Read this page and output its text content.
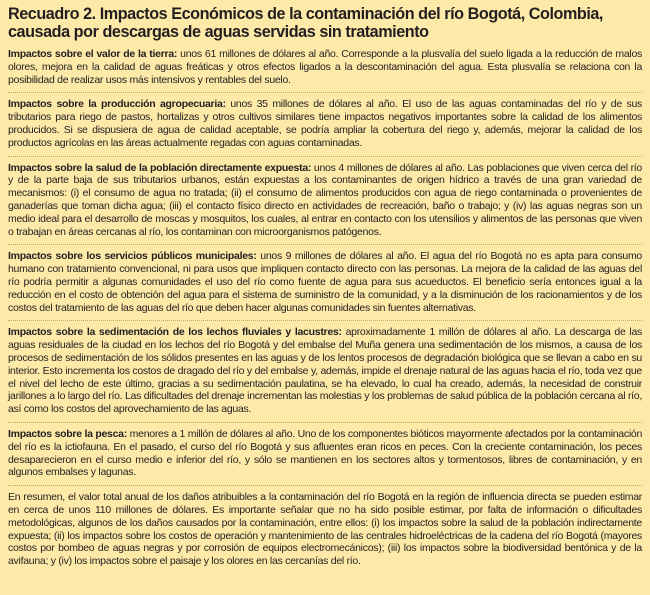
Recuadro 2. Impactos Económicos de la contaminación del río Bogotá, Colombia, causada por descargas de aguas servidas sin tratamiento

Impactos sobre el valor de la tierra: unos 61 millones de dólares al año. Corresponde a la plusvalía del suelo ligada a la reducción de malos olores, mejora en la calidad de aguas freáticas y otros efectos ligados a la descontaminación del agua. Esta plusvalía se relaciona con la posibilidad de realizar usos más intensivos y rentables del suelo.

Impactos sobre la producción agropecuaria: unos 35 millones de dólares al año. El uso de las aguas contaminadas del río y de sus tributarios para riego de pastos, hortalizas y otros cultivos similares tiene impactos negativos importantes sobre la calidad de los alimentos producidos. Si se dispusiera de agua de calidad aceptable, se podría ampliar la cobertura del riego y, además, mejorar la calidad de los productos agrícolas en las áreas actualmente regadas con aguas contaminadas.

Impactos sobre la salud de la población directamente expuesta: unos 4 millones de dólares al año. Las poblaciones que viven cerca del río y de la parte baja de sus tributarios urbanos, están expuestas a los contaminantes de origen hídrico a través de una gran variedad de mecanismos: (i) el consumo de agua no tratada; (ii) el consumo de alimentos producidos con agua de riego contaminada o provenientes de ganaderías que toman dicha agua; (iii) el contacto físico directo en actividades de recreación, baño o trabajo; y (iv) las aguas negras son un medio ideal para el desarrollo de moscas y mosquitos, los cuales, al entrar en contacto con los utensilios y alimentos de las personas que viven o trabajan en áreas cercanas al río, los contaminan con microorganismos patógenos.

Impactos sobre los servicios públicos municipales: unos 9 millones de dólares al año. El agua del río Bogotá no es apta para consumo humano con tratamiento convencional, ni para usos que impliquen contacto directo con las personas. La mejora de la calidad de las aguas del río podría permitir a algunas comunidades el uso del río como fuente de agua para sus acueductos. El beneficio sería entonces igual a la reducción en el costo de obtención del agua para el sistema de suministro de la comunidad, y a la disminución de los racionamientos y de los costos del tratamiento de las aguas del río que deben hacer algunas comunidades sin fuentes alternativas.

Impactos sobre la sedimentación de los lechos fluviales y lacustres: aproximadamente 1 millón de dólares al año. La descarga de las aguas residuales de la ciudad en los lechos del río Bogotá y del embalse del Muña genera una sedimentación de los mismos, a causa de los procesos de sedimentación de los sólidos presentes en las aguas y de los lentos procesos de degradación biológica que se llevan a cabo en su interior. Esto incrementa los costos de dragado del río y del embalse y, además, impide el drenaje natural de las aguas hacia el río, toda vez que el nivel del lecho de este último, gracias a su sedimentación paulatina, se ha elevado, lo cual ha creado, además, la necesidad de construir jarillones a lo largo del río. Las dificultades del drenaje incrementan las molestias y los problemas de salud pública de la población cercana al río, así como los costos del aprovechamiento de las aguas.

Impactos sobre la pesca: menores a 1 millón de dólares al año. Uno de los componentes bióticos mayormente afectados por la contaminación del río es la ictiofauna. En el pasado, el curso del río Bogotá y sus afluentes eran ricos en peces. Con la creciente contaminación, los peces desaparecieron en el curso medio e inferior del río, y sólo se mantienen en los sectores altos y tormentosos, libres de contaminación, y en algunos embalses y lagunas.

En resumen, el valor total anual de los daños atribuibles a la contaminación del río Bogotá en la región de influencia directa se pueden estimar en cerca de unos 110 millones de dólares. Es importante señalar que no ha sido posible estimar, por falta de información o dificultades metodológicas, algunos de los daños causados por la contaminación, entre ellos: (i) los impactos sobre la salud de la población indirectamente expuesta; (ii) los impactos sobre los costos de operación y mantenimiento de las centrales hidroeléctricas de la cadena del río Bogotá (mayores costos por bombeo de aguas negras y por corrosión de equipos electromecánicos); (iii) los impactos sobre la biodiversidad bentónica y de la avifauna; y (iv) los impactos sobre el paisaje y los olores en las cercanías del río.
